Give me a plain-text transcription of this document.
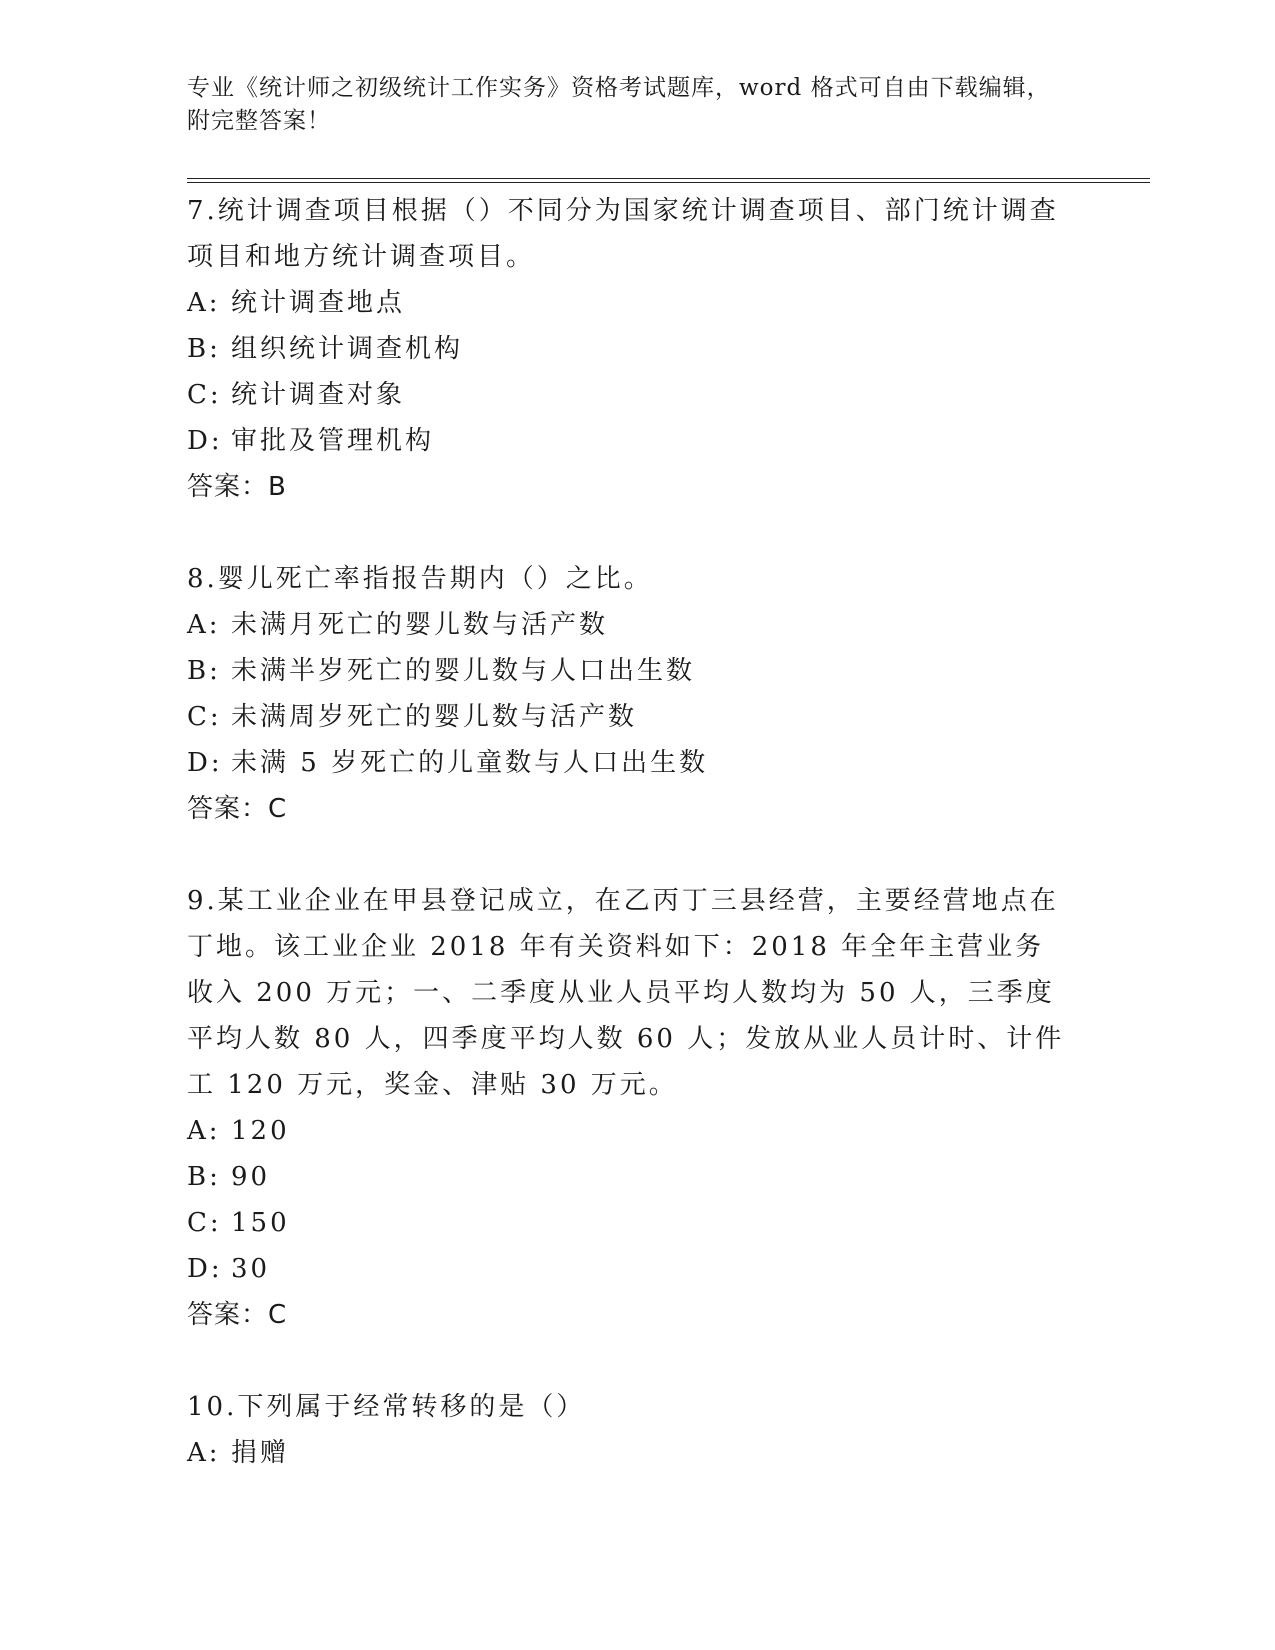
专业《统计师之初级统计工作实务》资格考试题库，word 格式可自由下载编辑，
附完整答案！
7.统计调查项目根据（）不同分为国家统计调查项目、部门统计调查项目和地方统计调查项目。
A: 统计调查地点
B: 组织统计调查机构
C: 统计调查对象
D: 审批及管理机构
答案：B
8.婴儿死亡率指报告期内（）之比。
A: 未满月死亡的婴儿数与活产数
B: 未满半岁死亡的婴儿数与人口出生数
C: 未满周岁死亡的婴儿数与活产数
D: 未满 5 岁死亡的儿童数与人口出生数
答案：C
9.某工业企业在甲县登记成立，在乙丙丁三县经营，主要经营地点在丁地。该工业企业 2018 年有关资料如下：2018 年全年主营业务收入 200 万元；一、二季度从业人员平均人数均为 50 人，三季度平均人数 80 人，四季度平均人数 60 人；发放从业人员计时、计件工 120 万元，奖金、津贴 30 万元。
A: 120
B: 90
C: 150
D: 30
答案：C
10.下列属于经常转移的是（）
A: 捐赠
